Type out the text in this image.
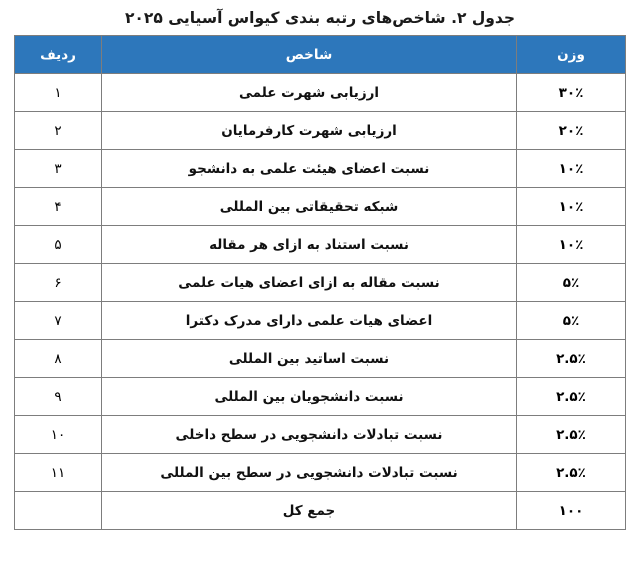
جدول ۲. شاخص‌های رتبه بندی کیواس آسیایی ۲۰۲۵
وزن	شاخص	ردیف
۳۰٪	ارزیابی شهرت علمی	۱
۲۰٪	ارزیابی شهرت کارفرمایان	۲
۱۰٪	نسبت اعضای هیئت علمی به دانشجو	۳
۱۰٪	شبکه تحقیقاتی بین المللی	۴
۱۰٪	نسبت استناد به ازای هر مقاله	۵
۵٪	نسبت مقاله به ازای اعضای هیات علمی	۶
۵٪	اعضای هیات علمی دارای مدرک دکترا	۷
۲.۵٪	نسبت اساتید بین المللی	۸
۲.۵٪	نسبت دانشجویان بین المللی	۹
۲.۵٪	نسبت تبادلات دانشجویی در سطح داخلی	۱۰
۲.۵٪	نسبت تبادلات دانشجویی در سطح بین المللی	۱۱
۱۰۰	جمع کل	
